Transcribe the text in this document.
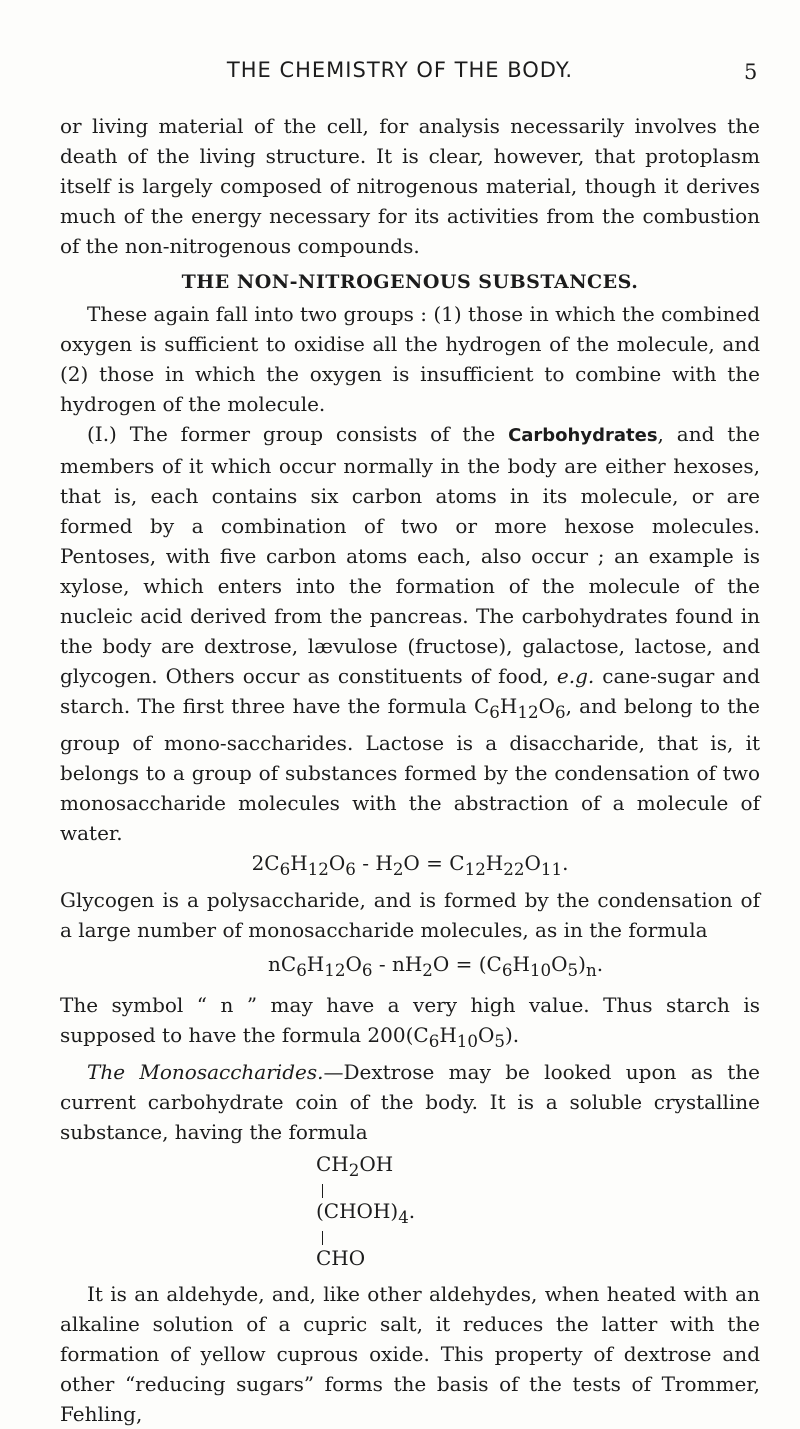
THE CHEMISTRY OF THE BODY.	5

or living material of the cell, for analysis necessarily involves the death of the living structure. It is clear, however, that protoplasm itself is largely composed of nitrogenous material, though it derives much of the energy necessary for its activities from the combustion of the non-nitrogenous compounds.

THE NON-NITROGENOUS SUBSTANCES.

These again fall into two groups : (1) those in which the combined oxygen is sufficient to oxidise all the hydrogen of the molecule, and (2) those in which the oxygen is insufficient to combine with the hydrogen of the molecule.

(I.) The former group consists of the Carbohydrates, and the members of it which occur normally in the body are either hexoses, that is, each contains six carbon atoms in its molecule, or are formed by a combination of two or more hexose molecules. Pentoses, with five carbon atoms each, also occur ; an example is xylose, which enters into the formation of the molecule of the nucleic acid derived from the pancreas. The carbohydrates found in the body are dextrose, lævulose (fructose), galactose, lactose, and glycogen. Others occur as constituents of food, e.g. cane-sugar and starch. The first three have the formula $C_6H_{12}O_6$, and belong to the group of mono-saccharides. Lactose is a disaccharide, that is, it belongs to a group of substances formed by the condensation of two monosaccharide molecules with the abstraction of a molecule of water.

$2C_6H_{12}O_6 - H_2O = C_{12}H_{22}O_{11}$.

Glycogen is a polysaccharide, and is formed by the condensation of a large number of monosaccharide molecules, as in the formula

$nC_6H_{12}O_6 - nH_2O = (C_6H_{10}O_5)_n$.

The symbol “ n ” may have a very high value. Thus starch is supposed to have the formula $200(C_6H_{10}O_5)$.

The Monosaccharides.—Dextrose may be looked upon as the current carbohydrate coin of the body. It is a soluble crystalline substance, having the formula

$CH_2OH$
$(CHOH)_4$.
CHO

It is an aldehyde, and, like other aldehydes, when heated with an alkaline solution of a cupric salt, it reduces the latter with the formation of yellow cuprous oxide. This property of dextrose and other “reducing sugars” forms the basis of the tests of Trommer, Fehling,
